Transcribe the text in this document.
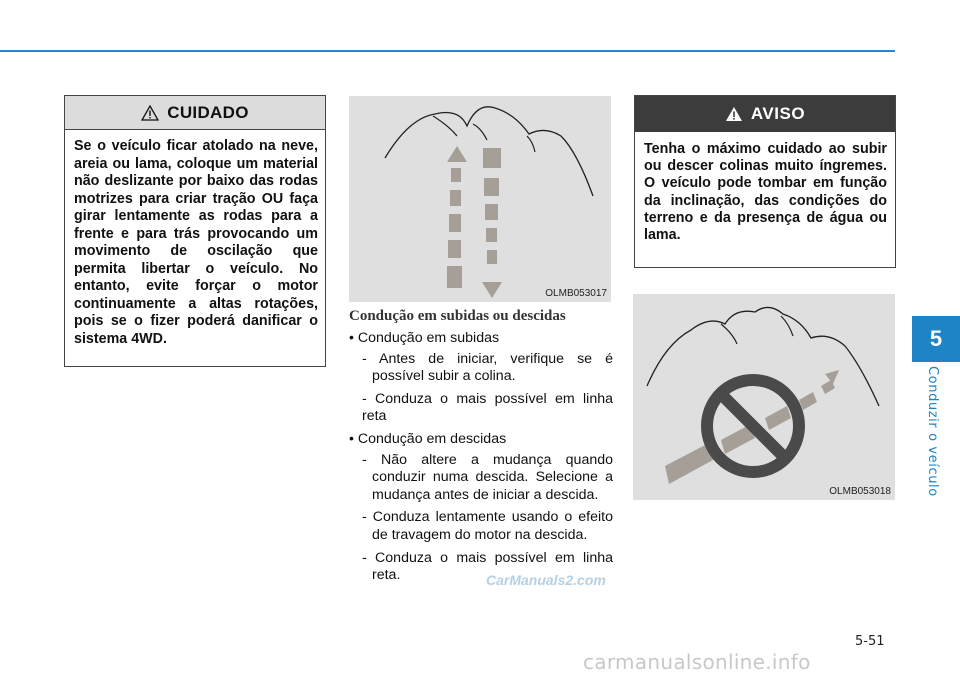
5
Conduzir o veículo
CUIDADO
Se o veículo ficar atolado na neve, areia ou lama, coloque um material não deslizante por baixo das rodas motrizes para criar tração OU faça girar lentamente as rodas para a frente e para trás provocando um movimento de oscilação que permita libertar o veículo. No entanto, evite forçar o motor continuamente a altas rotações, pois se o fizer poderá danificar o sistema 4WD.
OLMB053017
Condução em subidas ou descidas
• Condução em subidas
- Antes de iniciar, verifique se é possível subir a colina.
- Conduza o mais possível em linha reta
• Condução em descidas
- Não altere a mudança quando conduzir numa descida. Selecione a mudança antes de iniciar a descida.
- Conduza lentamente usando o efeito de travagem do motor na descida.
- Conduza o mais possível em linha reta.
AVISO
Tenha o máximo cuidado ao subir ou descer colinas muito íngremes. O veículo pode tombar em função da inclinação, das condições do terreno e da presença de água ou lama.
OLMB053018
CarManuals2.com
5-51
carmanualsonline.info
